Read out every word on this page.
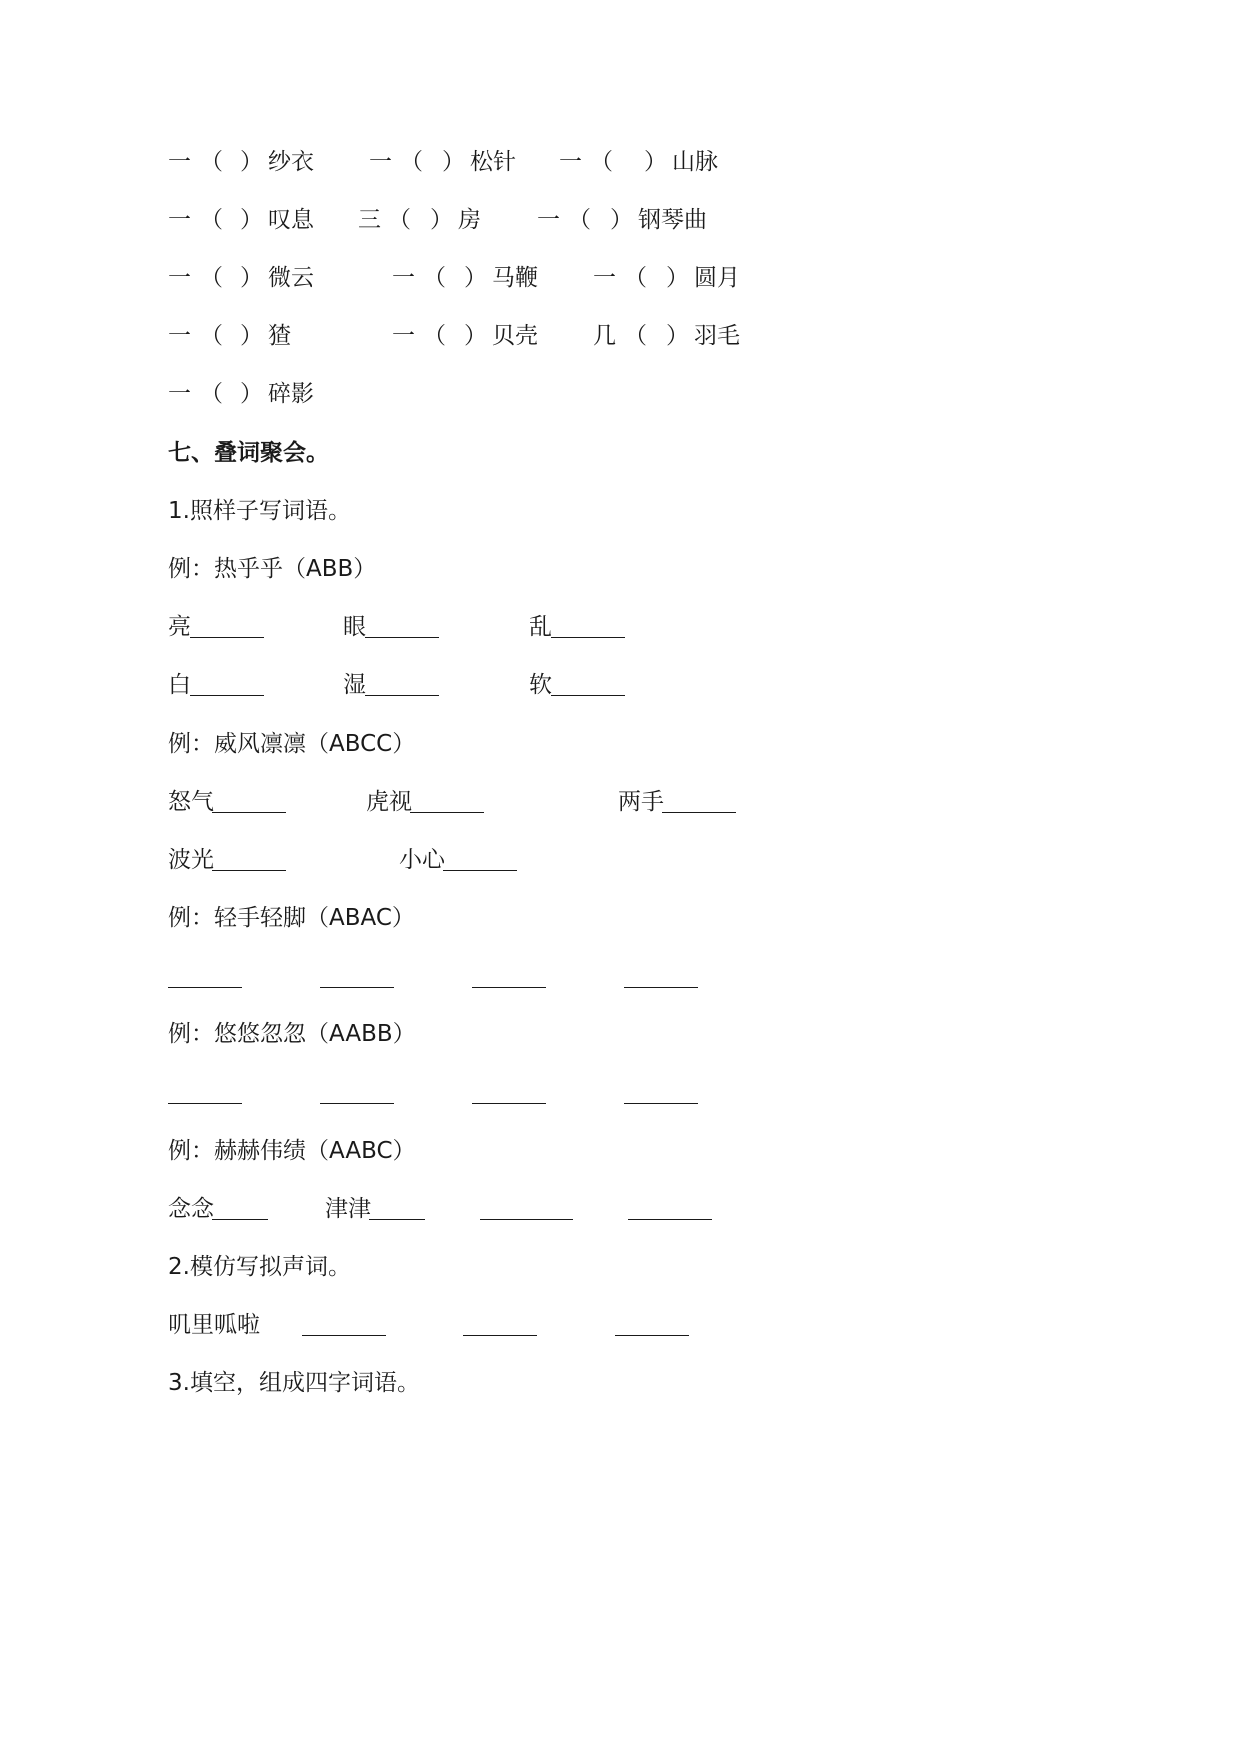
一 （ ） 纱衣 一 （ ） 松针 一 （ ） 山脉
一 （ ） 叹息 三 （ ） 房 一 （ ） 钢琴曲
一 （ ） 微云	一 （ ） 马鞭 一 （ ） 圆月
一 （ ） 猹	一 （ ） 贝壳 几 （ ） 羽毛
一 （ ） 碎影
七、叠词聚会。
1.照样子写词语。
例：热乎乎（ABB）
亮	眼	乱
白	湿	软
例：威风凛凛（ABCC）
怒气	虎视	两手
波光	小心
例：轻手轻脚（ABAC）
例：悠悠忽忽（AABB）
例：赫赫伟绩（AABC）
念念	津津
2.模仿写拟声词。
叽里呱啦
3.填空，组成四字词语。
